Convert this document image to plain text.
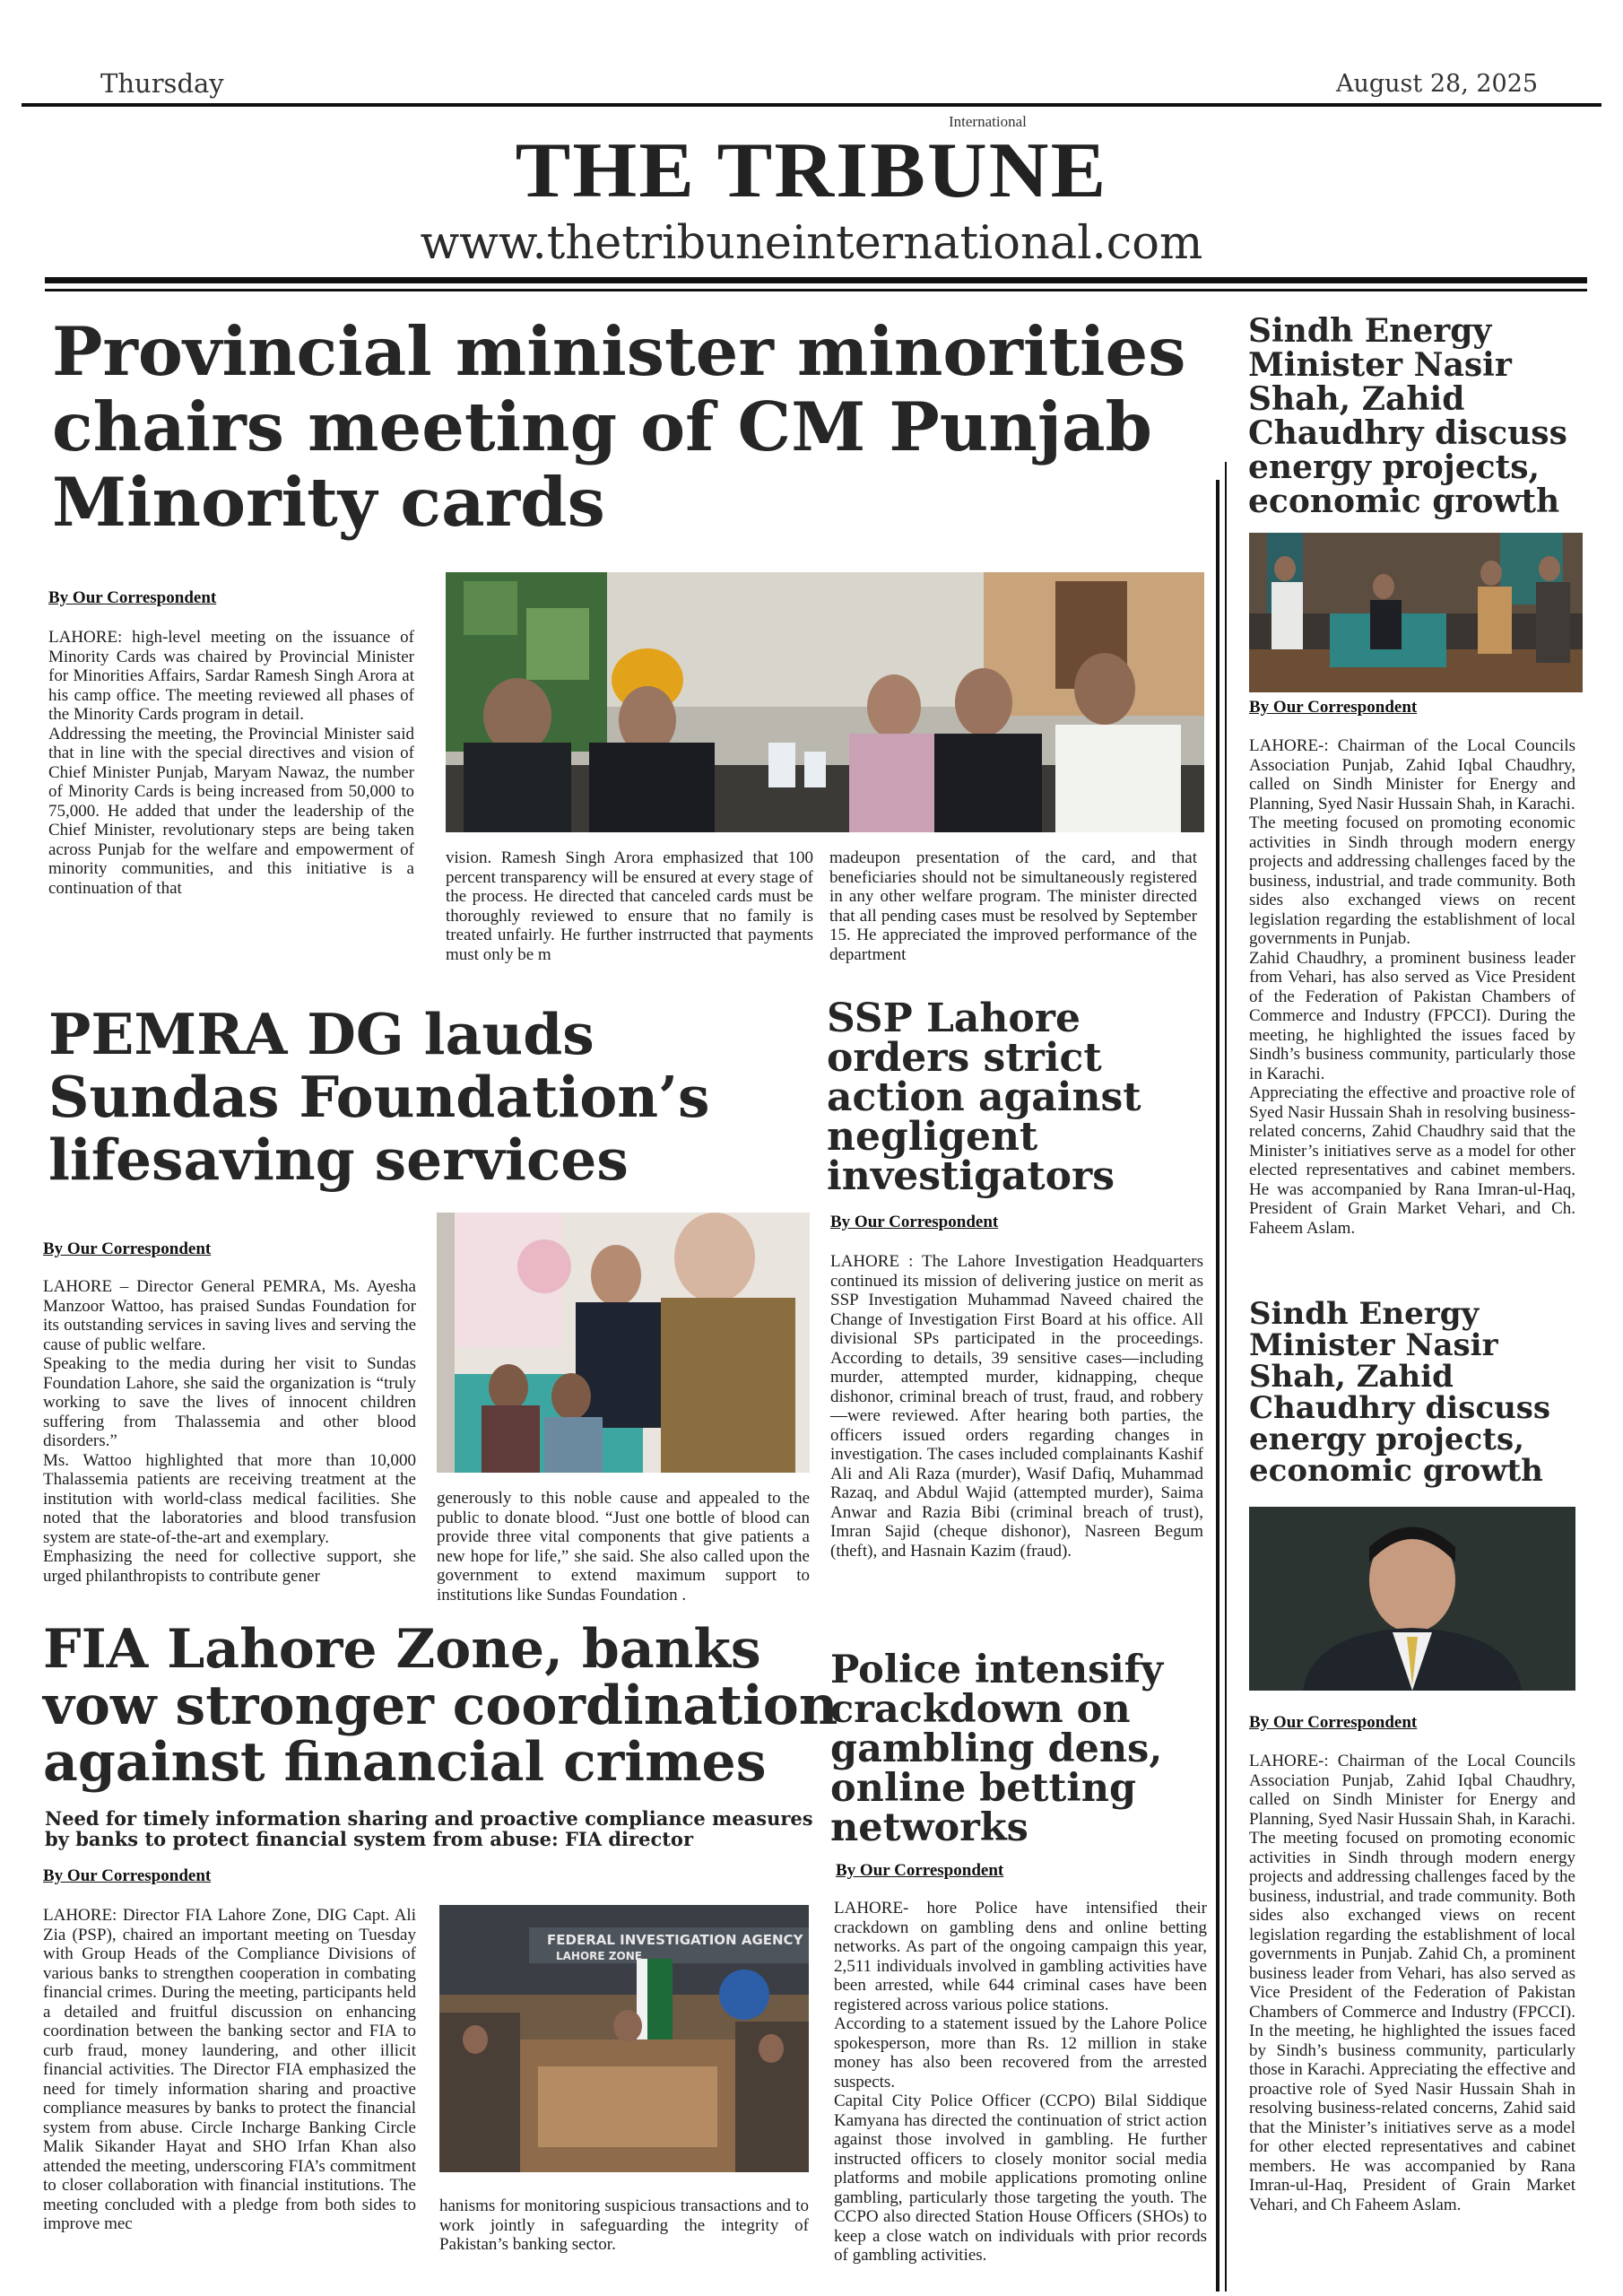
Thursday	August 28, 2025
International
THE TRIBUNE
www.thetribuneinternational.com
Provincial minister minorities chairs meeting of CM Punjab Minority cards
By Our Correspondent

LAHORE: high-level meeting on the issuance of Minority Cards was chaired by Provincial Minister for Minorities Affairs, Sardar Ramesh Singh Arora at his camp office. The meeting reviewed all phases of the Minority Cards program in detail.

Addressing the meeting, the Provincial Minister said that in line with the special directives and vision of Chief Minister Punjab, Maryam Nawaz, the number of Minority Cards is being increased from 50,000 to 75,000. He added that under the leadership of the Chief Minister, revolutionary steps are being taken across Punjab for the welfare and empowerment of minority communities, and this initiative is a continuation of that

vision. Ramesh Singh Arora emphasized that 100 percent transparency will be ensured at every stage of the process. He directed that canceled cards must be thoroughly reviewed to ensure that no family is treated unfairly. He further instrructed that payments must only be m
madeupon presentation of the card, and that beneficiaries should not be simultaneously registered in any other welfare program. The minister directed that all pending cases must be resolved by September 15. He appreciated the improved performance of the department
PEMRA DG lauds Sundas Foundation’s lifesaving services
By Our Correspondent

LAHORE – Director General PEMRA, Ms. Ayesha Manzoor Wattoo, has praised Sundas Foundation for its outstanding services in saving lives and serving the cause of public welfare.

Speaking to the media during her visit to Sundas Foundation Lahore, she said the organization is “truly working to save the lives of innocent children suffering from Thalassemia and other blood disorders.”

Ms. Wattoo highlighted that more than 10,000 Thalassemia patients are receiving treatment at the institution with world-class medical facilities. She noted that the laboratories and blood transfusion system are state-of-the-art and exemplary.

Emphasizing the need for collective support, she urged philanthropists to contribute gener

generously to this noble cause and appealed to the public to donate blood. “Just one bottle of blood can provide three vital components that give patients a new hope for life,” she said. She also called upon the government to extend maximum support to institutions like Sundas Foundation .
SSP Lahore orders strict action against negligent investigators
By Our Correspondent
LAHORE : The Lahore Investigation Headquarters continued its mission of delivering justice on merit as SSP Investigation Muhammad Naveed chaired the Change of Investigation First Board at his office. All divisional SPs participated in the proceedings. According to details, 39 sensitive cases—including murder, attempted murder, kidnapping, cheque dishonor, criminal breach of trust, fraud, and robbery—were reviewed. After hearing both parties, the officers issued orders regarding changes in investigation. The cases included complainants Kashif Ali and Ali Raza (murder), Wasif Dafiq, Muhammad Razaq, and Abdul Wajid (attempted murder), Saima Anwar and Razia Bibi (criminal breach of trust), Imran Sajid (cheque dishonor), Nasreen Begum (theft), and Hasnain Kazim (fraud).
FIA Lahore Zone, banks vow stronger coordination against financial crimes
Need for timely information sharing and proactive compliance measures by banks to protect financial system from abuse: FIA director
By Our Correspondent
LAHORE: Director FIA Lahore Zone, DIG Capt. Ali Zia (PSP), chaired an important meeting on Tuesday with Group Heads of the Compliance Divisions of various banks to strengthen cooperation in combating financial crimes. During the meeting, participants held a detailed and fruitful discussion on enhancing coordination between the banking sector and FIA to curb fraud, money laundering, and other illicit financial activities. The Director FIA emphasized the need for timely information sharing and proactive compliance measures by banks to protect the financial system from abuse. Circle Incharge Banking Circle Malik Sikander Hayat and SHO Irfan Khan also attended the meeting, underscoring FIA’s commitment to closer collaboration with financial institutions. The meeting concluded with a pledge from both sides to improve mec
FEDERAL INVESTIGATION AGENCY
LAHORE ZONE
hanisms for monitoring suspicious transactions and to work jointly in safeguarding the integrity of Pakistan’s banking sector.
Police intensify crackdown on gambling dens, online betting networks
By Our Correspondent

LAHORE- hore Police have intensified their crackdown on gambling dens and online betting networks. As part of the ongoing campaign this year, 2,511 individuals involved in gambling activities have been arrested, while 644 criminal cases have been registered across various police stations.

According to a statement issued by the Lahore Police spokesperson, more than Rs. 12 million in stake money has also been recovered from the arrested suspects.

Capital City Police Officer (CCPO) Bilal Siddique Kamyana has directed the continuation of strict action against those involved in gambling. He further instructed officers to closely monitor social media platforms and mobile applications promoting online gambling, particularly those targeting the youth. The CCPO also directed Station House Officers (SHOs) to keep a close watch on individuals with prior records of gambling activities.

Sindh Energy Minister Nasir Shah, Zahid Chaudhry discuss energy projects, economic growth
By Our Correspondent

LAHORE-: Chairman of the Local Councils Association Punjab, Zahid Iqbal Chaudhry, called on Sindh Minister for Energy and Planning, Syed Nasir Hussain Shah, in Karachi.

The meeting focused on promoting economic activities in Sindh through modern energy projects and addressing challenges faced by the business, industrial, and trade community. Both sides also exchanged views on recent legislation regarding the establishment of local governments in Punjab.

Zahid Chaudhry, a prominent business leader from Vehari, has also served as Vice President of the Federation of Pakistan Chambers of Commerce and Industry (FPCCI). During the meeting, he highlighted the issues faced by Sindh’s business community, particularly those in Karachi.

Appreciating the effective and proactive role of Syed Nasir Hussain Shah in resolving business-related concerns, Zahid Chaudhry said that the Minister’s initiatives serve as a model for other elected representatives and cabinet members. He was accompanied by Rana Imran-ul-Haq, President of Grain Market Vehari, and Ch. Faheem Aslam.

Sindh Energy Minister Nasir Shah, Zahid Chaudhry discuss energy projects, economic growth
By Our Correspondent
LAHORE-: Chairman of the Local Councils Association Punjab, Zahid Iqbal Chaudhry, called on Sindh Minister for Energy and Planning, Syed Nasir Hussain Shah, in Karachi. The meeting focused on promoting economic activities in Sindh through modern energy projects and addressing challenges faced by the business, industrial, and trade community. Both sides also exchanged views on recent legislation regarding the establishment of local governments in Punjab. Zahid Ch, a prominent business leader from Vehari, has also served as Vice President of the Federation of Pakistan Chambers of Commerce and Industry (FPCCI). In the meeting, he highlighted the issues faced by Sindh’s business community, particularly those in Karachi. Appreciating the effective and proactive role of Syed Nasir Hussain Shah in resolving business-related concerns, Zahid said that the Minister’s initiatives serve as a model for other elected representatives and cabinet members. He was accompanied by Rana Imran-ul-Haq, President of Grain Market Vehari, and Ch Faheem Aslam.
